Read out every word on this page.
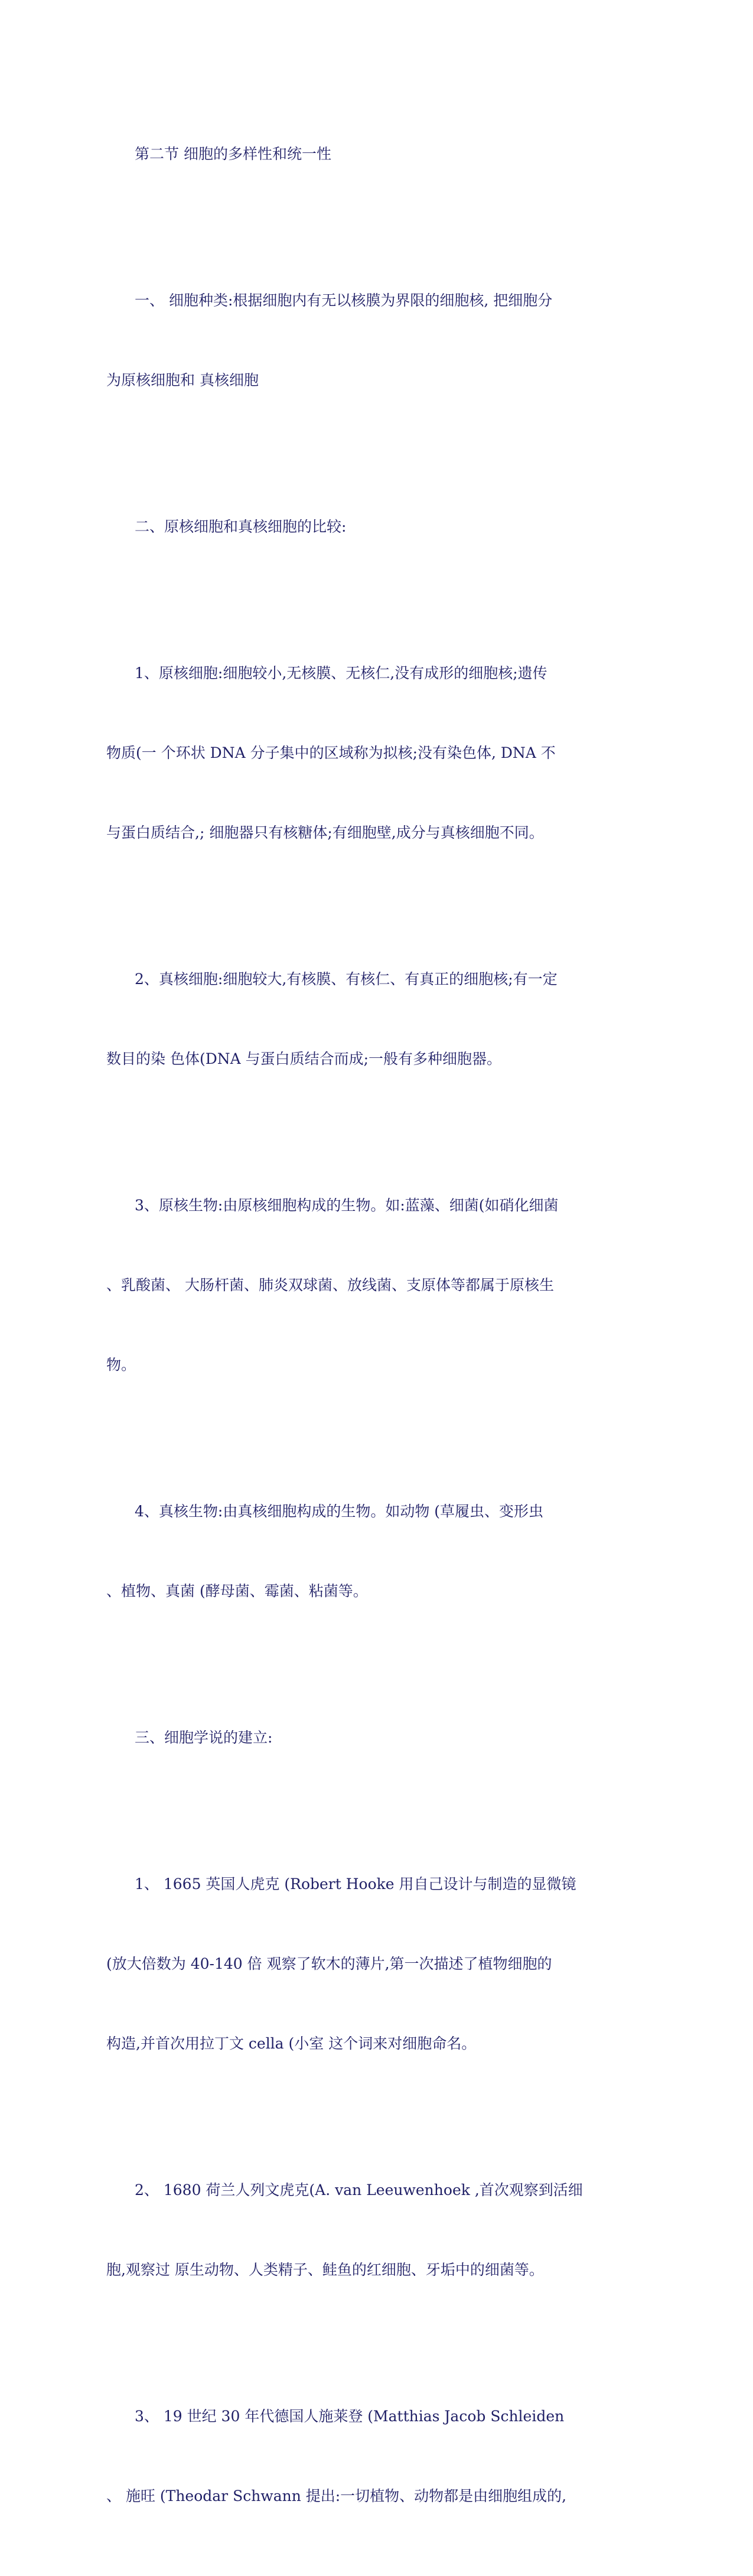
第二节 细胞的多样性和统一性

一、 细胞种类:根据细胞内有无以核膜为界限的细胞核, 把细胞分

为原核细胞和 真核细胞

二、原核细胞和真核细胞的比较:

1、原核细胞:细胞较小,无核膜、无核仁,没有成形的细胞核;遗传

物质(一 个环状 DNA 分子集中的区域称为拟核;没有染色体, DNA 不

与蛋白质结合,; 细胞器只有核糖体;有细胞壁,成分与真核细胞不同。

2、真核细胞:细胞较大,有核膜、有核仁、有真正的细胞核;有一定

数目的染 色体(DNA 与蛋白质结合而成;一般有多种细胞器。

3、原核生物:由原核细胞构成的生物。如:蓝藻、细菌(如硝化细菌

、乳酸菌、 大肠杆菌、肺炎双球菌、放线菌、支原体等都属于原核生

物。

4、真核生物:由真核细胞构成的生物。如动物 (草履虫、变形虫

、植物、真菌 (酵母菌、霉菌、粘菌等。

三、细胞学说的建立:

1、 1665 英国人虎克 (Robert Hooke 用自己设计与制造的显微镜

(放大倍数为 40-140 倍 观察了软木的薄片,第一次描述了植物细胞的

构造,并首次用拉丁文 cella (小室 这个词来对细胞命名。

2、 1680 荷兰人列文虎克(A. van Leeuwenhoek ,首次观察到活细

胞,观察过 原生动物、人类精子、鲑鱼的红细胞、牙垢中的细菌等。

3、 19 世纪 30 年代德国人施莱登 (Matthias Jacob Schleiden

、 施旺 (Theodar Schwann 提出:一切植物、动物都是由细胞组成的,
